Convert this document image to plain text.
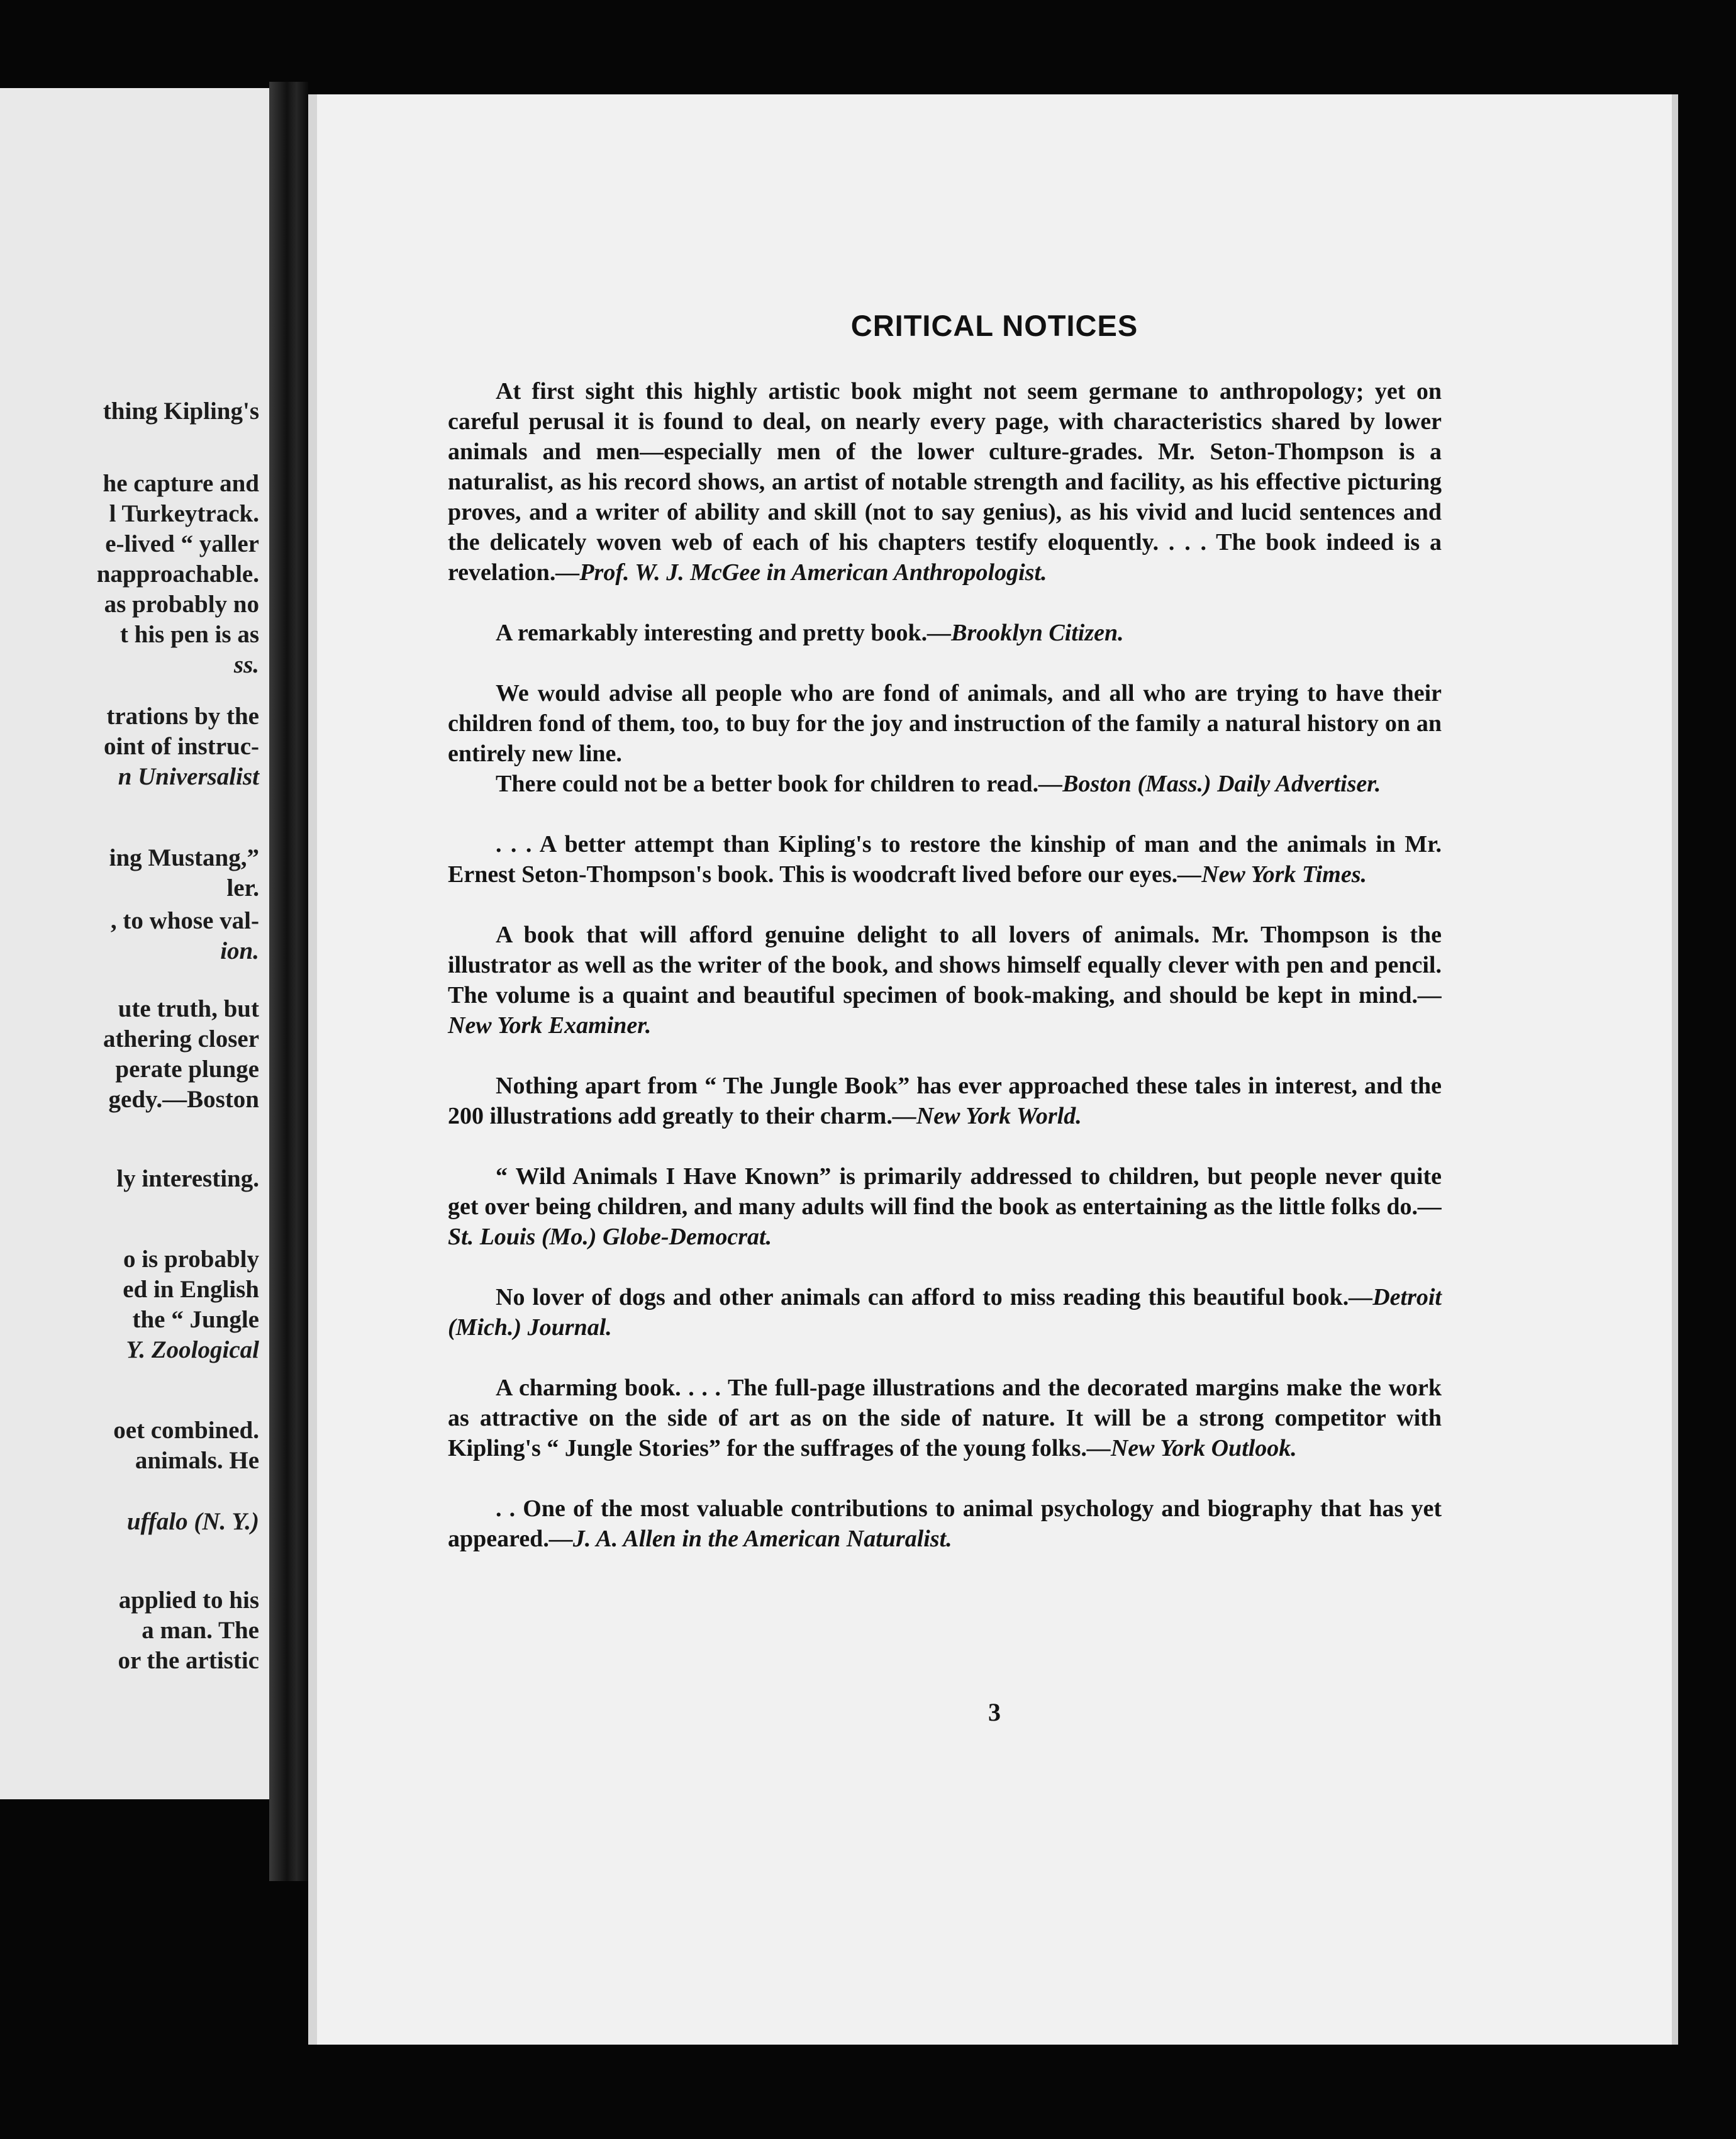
thing Kipling's
he capture and
l Turkeytrack.
e-lived “ yaller
napproachable.
as probably no
t his pen is as
ss.
trations by the
oint of instruc-
n Universalist
ing Mustang,”
ler.
, to whose val-
ion.
ute truth, but
athering closer
perate plunge
gedy.—Boston
ly interesting.
o is probably
ed in English
the “ Jungle
Y. Zoological
oet combined.
animals. He
uffalo (N. Y.)
applied to his
a man. The
or the artistic
CRITICAL NOTICES

At first sight this highly artistic book might not seem germane to anthropology; yet on careful perusal it is found to deal, on nearly every page, with characteristics shared by lower animals and men—especially men of the lower culture-grades. Mr. Seton-Thompson is a naturalist, as his record shows, an artist of notable strength and facility, as his effective picturing proves, and a writer of ability and skill (not to say genius), as his vivid and lucid sentences and the delicately woven web of each of his chapters testify eloquently. . . . The book indeed is a revelation.—Prof. W. J. McGee in American Anthropologist.

A remarkably interesting and pretty book.—Brooklyn Citizen.

We would advise all people who are fond of animals, and all who are trying to have their children fond of them, too, to buy for the joy and instruction of the family a natural history on an entirely new line.

There could not be a better book for children to read.—Boston (Mass.) Daily Advertiser.

. . . A better attempt than Kipling's to restore the kinship of man and the animals in Mr. Ernest Seton-Thompson's book. This is woodcraft lived before our eyes.—New York Times.

A book that will afford genuine delight to all lovers of animals. Mr. Thompson is the illustrator as well as the writer of the book, and shows himself equally clever with pen and pencil. The volume is a quaint and beautiful specimen of book-making, and should be kept in mind.—New York Examiner.

Nothing apart from “ The Jungle Book” has ever approached these tales in interest, and the 200 illustrations add greatly to their charm.—New York World.

“ Wild Animals I Have Known” is primarily addressed to children, but people never quite get over being children, and many adults will find the book as entertaining as the little folks do.—St. Louis (Mo.) Globe-Democrat.

No lover of dogs and other animals can afford to miss reading this beautiful book.—Detroit (Mich.) Journal.

A charming book. . . . The full-page illustrations and the decorated margins make the work as attractive on the side of art as on the side of nature. It will be a strong competitor with Kipling's “ Jungle Stories” for the suffrages of the young folks.—New York Outlook.

. . One of the most valuable contributions to animal psychology and biography that has yet appeared.—J. A. Allen in the American Naturalist.

3
